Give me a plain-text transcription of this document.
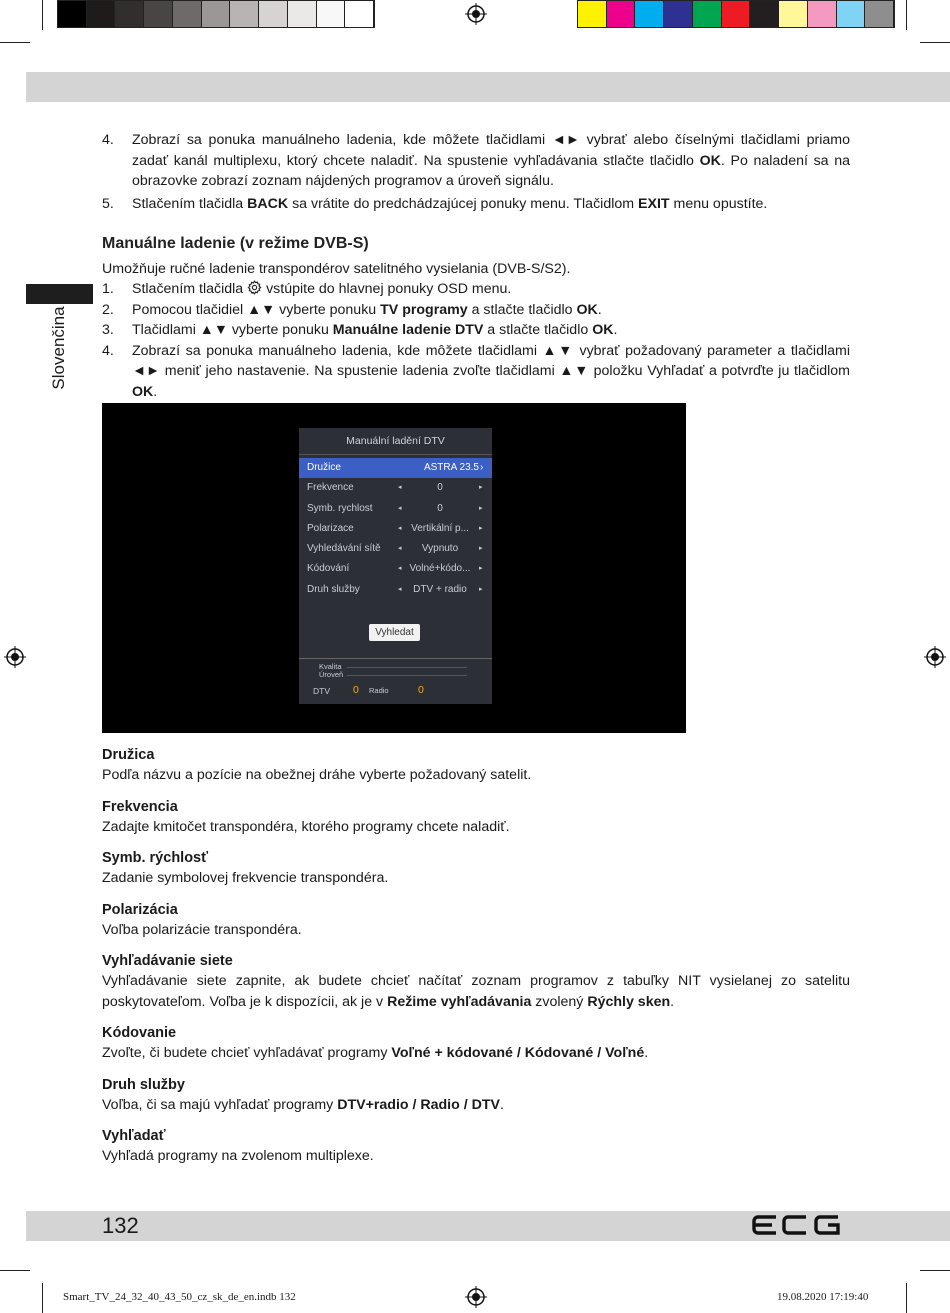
Slovenčina
4. Zobrazí sa ponuka manuálneho ladenia, kde môžete tlačidlami ◄► vybrať alebo číselnými tlačidlami priamo zadať kanál multiplexu, ktorý chcete naladiť. Na spustenie vyhľadávania stlačte tlačidlo OK. Po naladení sa na obrazovke zobrazí zoznam nájdených programov a úroveň signálu.
5. Stlačením tlačidla BACK sa vrátite do predchádzajúcej ponuky menu. Tlačidlom EXIT menu opustíte.
Manuálne ladenie (v režime DVB-S)
Umožňuje ručné ladenie transpondérov satelitného vysielania (DVB-S/S2).
1. Stlačením tlačidla  vstúpite do hlavnej ponuky OSD menu.
2. Pomocou tlačidiel ▲▼ vyberte ponuku TV programy a stlačte tlačidlo OK.
3. Tlačidlami ▲▼ vyberte ponuku Manuálne ladenie DTV a stlačte tlačidlo OK.
4. Zobrazí sa ponuka manuálneho ladenia, kde môžete tlačidlami ▲▼ vybrať požadovaný parameter a tlačidlami ◄► meniť jeho nastavenie. Na spustenie ladenia zvoľte tlačidlami ▲▼ položku Vyhľadať a potvrďte ju tlačidlom OK.
Manuální ladění DTV
Družice	ASTRA 23.5 ›
Frekvence	◂	0	▸
Symb. rychlost	◂	0	▸
Polarizace	◂ Vertikální p...	▸
Vyhledávání sítě ◂	Vypnuto	▸
Kódování	◂ Volné+kódo...	▸
Druh služby	◂	DTV + radio	▸
Vyhledat
Kvalita
Úroveň
DTV 0 Radio	0
Družica

Podľa názvu a pozície na obežnej dráhe vyberte požadovaný satelit.

Frekvencia

Zadajte kmitočet transpondéra, ktorého programy chcete naladiť.

Symb. rýchlosť

Zadanie symbolovej frekvencie transpondéra.

Polarizácia

Voľba polarizácie transpondéra.

Vyhľadávanie siete

Vyhľadávanie siete zapnite, ak budete chcieť načítať zoznam programov z tabuľky NIT vysielanej zo satelitu poskytovateľom. Voľba je k dispozícii, ak je v Režime vyhľadávania zvolený Rýchly sken.

Kódovanie

Zvoľte, či budete chcieť vyhľadávať programy Voľné + kódované / Kódované / Voľné.

Druh služby

Voľba, či sa majú vyhľadať programy DTV+radio / Radio / DTV.

Vyhľadať

Vyhľadá programy na zvolenom multiplexe.

132
Smart_TV_24_32_40_43_50_cz_sk_de_en.indb 132	19.08.2020 17:19:40
